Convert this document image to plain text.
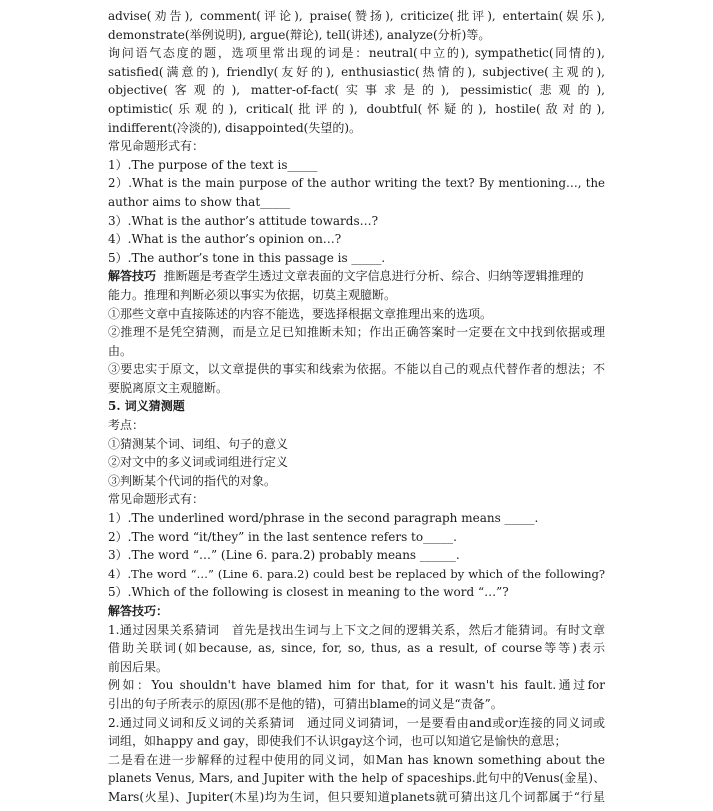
advise(劝告), comment(评论), praise(赞扬), criticize(批评), entertain(娱乐),
demonstrate(举例说明), argue(辩论), tell(讲述), analyze(分析)等。
询问语气态度的题，选项里常出现的词是：neutral(中立的), sympathetic(同情的),
satisfied(满意的), friendly(友好的), enthusiastic(热情的), subjective(主观的),
objective(客观的), matter-of-fact(实事求是的), pessimistic(悲观的),
optimistic(乐观的), critical(批评的), doubtful(怀疑的), hostile(敌对的),
indifferent(冷淡的), disappointed(失望的)。
常见命题形式有：
1）.The purpose of the text is_____
2）.What is the main purpose of the author writing the text? By mentioning…, the
author aims to show that_____
3）.What is the author’s attitude towards…?
4）.What is the author’s opinion on…?
5）.The author’s tone in this passage is _____.
解答技巧 推断题是考查学生透过文章表面的文字信息进行分析、综合、归纳等逻辑推理的
能力。推理和判断必须以事实为依据，切莫主观臆断。
①那些文章中直接陈述的内容不能选，要选择根据文章推理出来的选项。
②推理不是凭空猜测，而是立足已知推断未知；作出正确答案时一定要在文中找到依据或理
由。
③要忠实于原文，以文章提供的事实和线索为依据。不能以自己的观点代替作者的想法；不
要脱离原文主观臆断。
5. 词义猜测题
考点：
①猜测某个词、词组、句子的意义
②对文中的多义词或词组进行定义
③判断某个代词的指代的对象。
常见命题形式有：
1）.The underlined word/phrase in the second paragraph means _____.
2）.The word “it/they” in the last sentence refers to_____.
3）.The word “…” (Line 6. para.2) probably means ______.
4）.The word “…” (Line 6. para.2) could best be replaced by which of the following?
5）.Which of the following is closest in meaning to the word “…”?
解答技巧：
1.通过因果关系猜词　首先是找出生词与上下文之间的逻辑关系，然后才能猜词。有时文章
借助关联词(如because, as, since, for, so, thus, as a result, of course等等)表示
前因后果。
例如：You shouldn't have blamed him for that, for it wasn't his fault.通过for
引出的句子所表示的原因(那不是他的错)，可猜出blame的词义是“责备”。
2.通过同义词和反义词的关系猜词　通过同义词猜词，一是要看由and或or连接的同义词或
词组，如happy and gay，即使我们不认识gay这个词，也可以知道它是愉快的意思；
二是看在进一步解释的过程中使用的同义词，如Man has known something about the
planets Venus, Mars, and Jupiter with the help of spaceships.此句中的Venus(金星)、
Mars(火星)、Jupiter(木星)均为生词，但只要知道planets就可猜出这几个词都属于“行星
